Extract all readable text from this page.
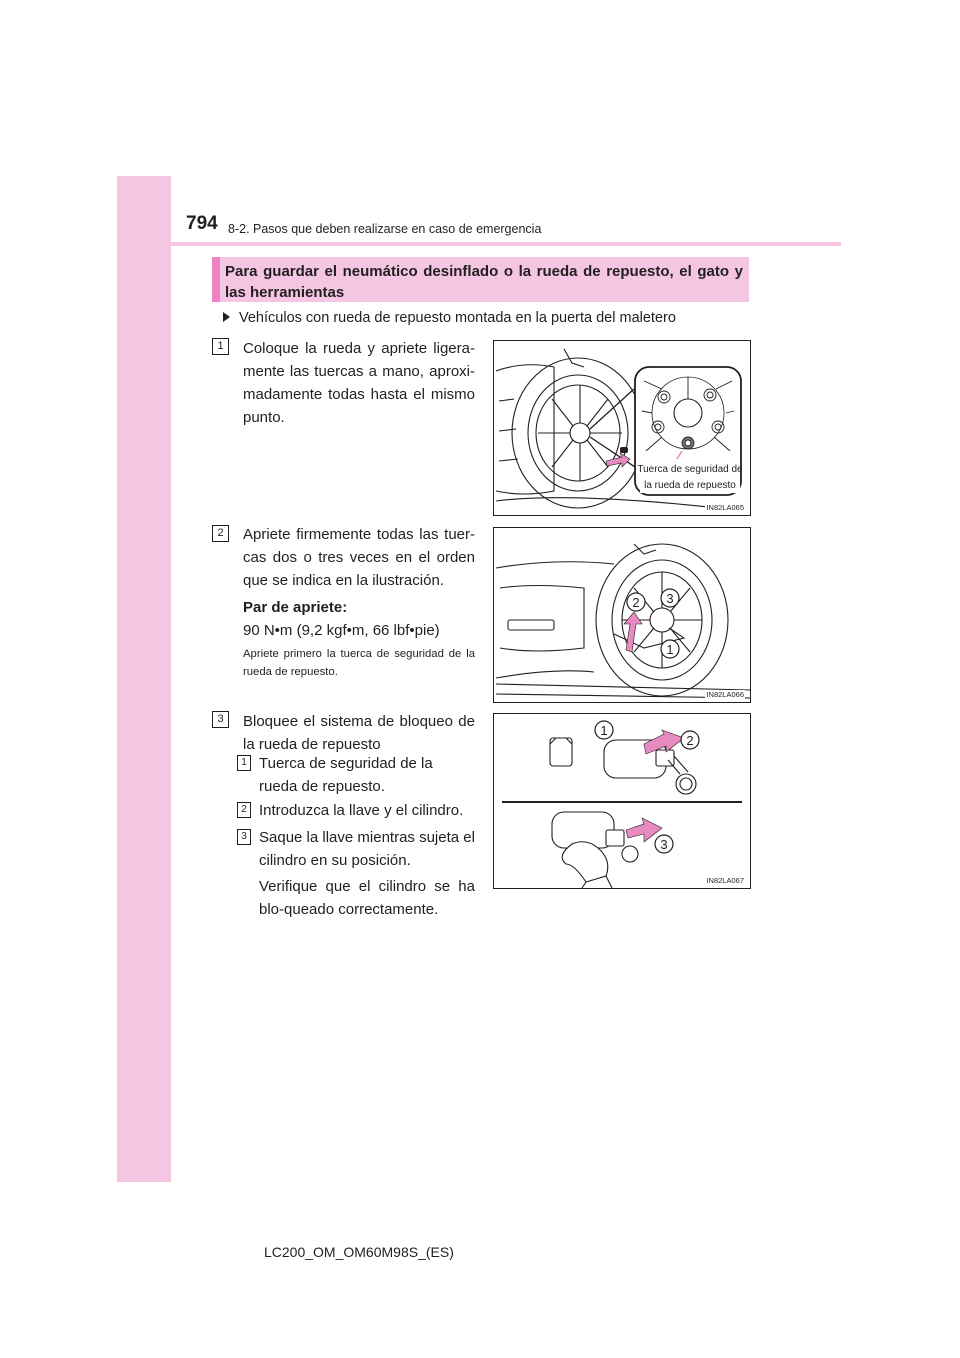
794 8-2. Pasos que deben realizarse en caso de emergencia
Para guardar el neumático desinflado o la rueda de repuesto, el gato y las herramientas
Vehículos con rueda de repuesto montada en la puerta del maletero
1	Coloque la rueda y apriete ligera-mente las tuercas a mano, aproxi-madamente todas hasta el mismo punto.
Tuerca de seguridad de
la rueda de repuesto
IN82LA065
2	Apriete firmemente todas las tuer-cas dos o tres veces en el orden que se indica en la ilustración.
Par de apriete:
90 N•m (9,2 kgf•m, 66 lbf•pie)
Apriete primero la tuerca de seguridad de la rueda de repuesto.
1
2 3
IN82LA066
3	Bloquee el sistema de bloqueo de la rueda de repuesto
1 Tuerca de seguridad de la rueda de repuesto.
2 Introduzca la llave y el cilindro.
3 Saque la llave mientras sujeta el cilindro en su posición.
Verifique que el cilindro se ha blo-queado correctamente.
1
2
3
IN82LA067
LC200_OM_OM60M98S_(ES)
